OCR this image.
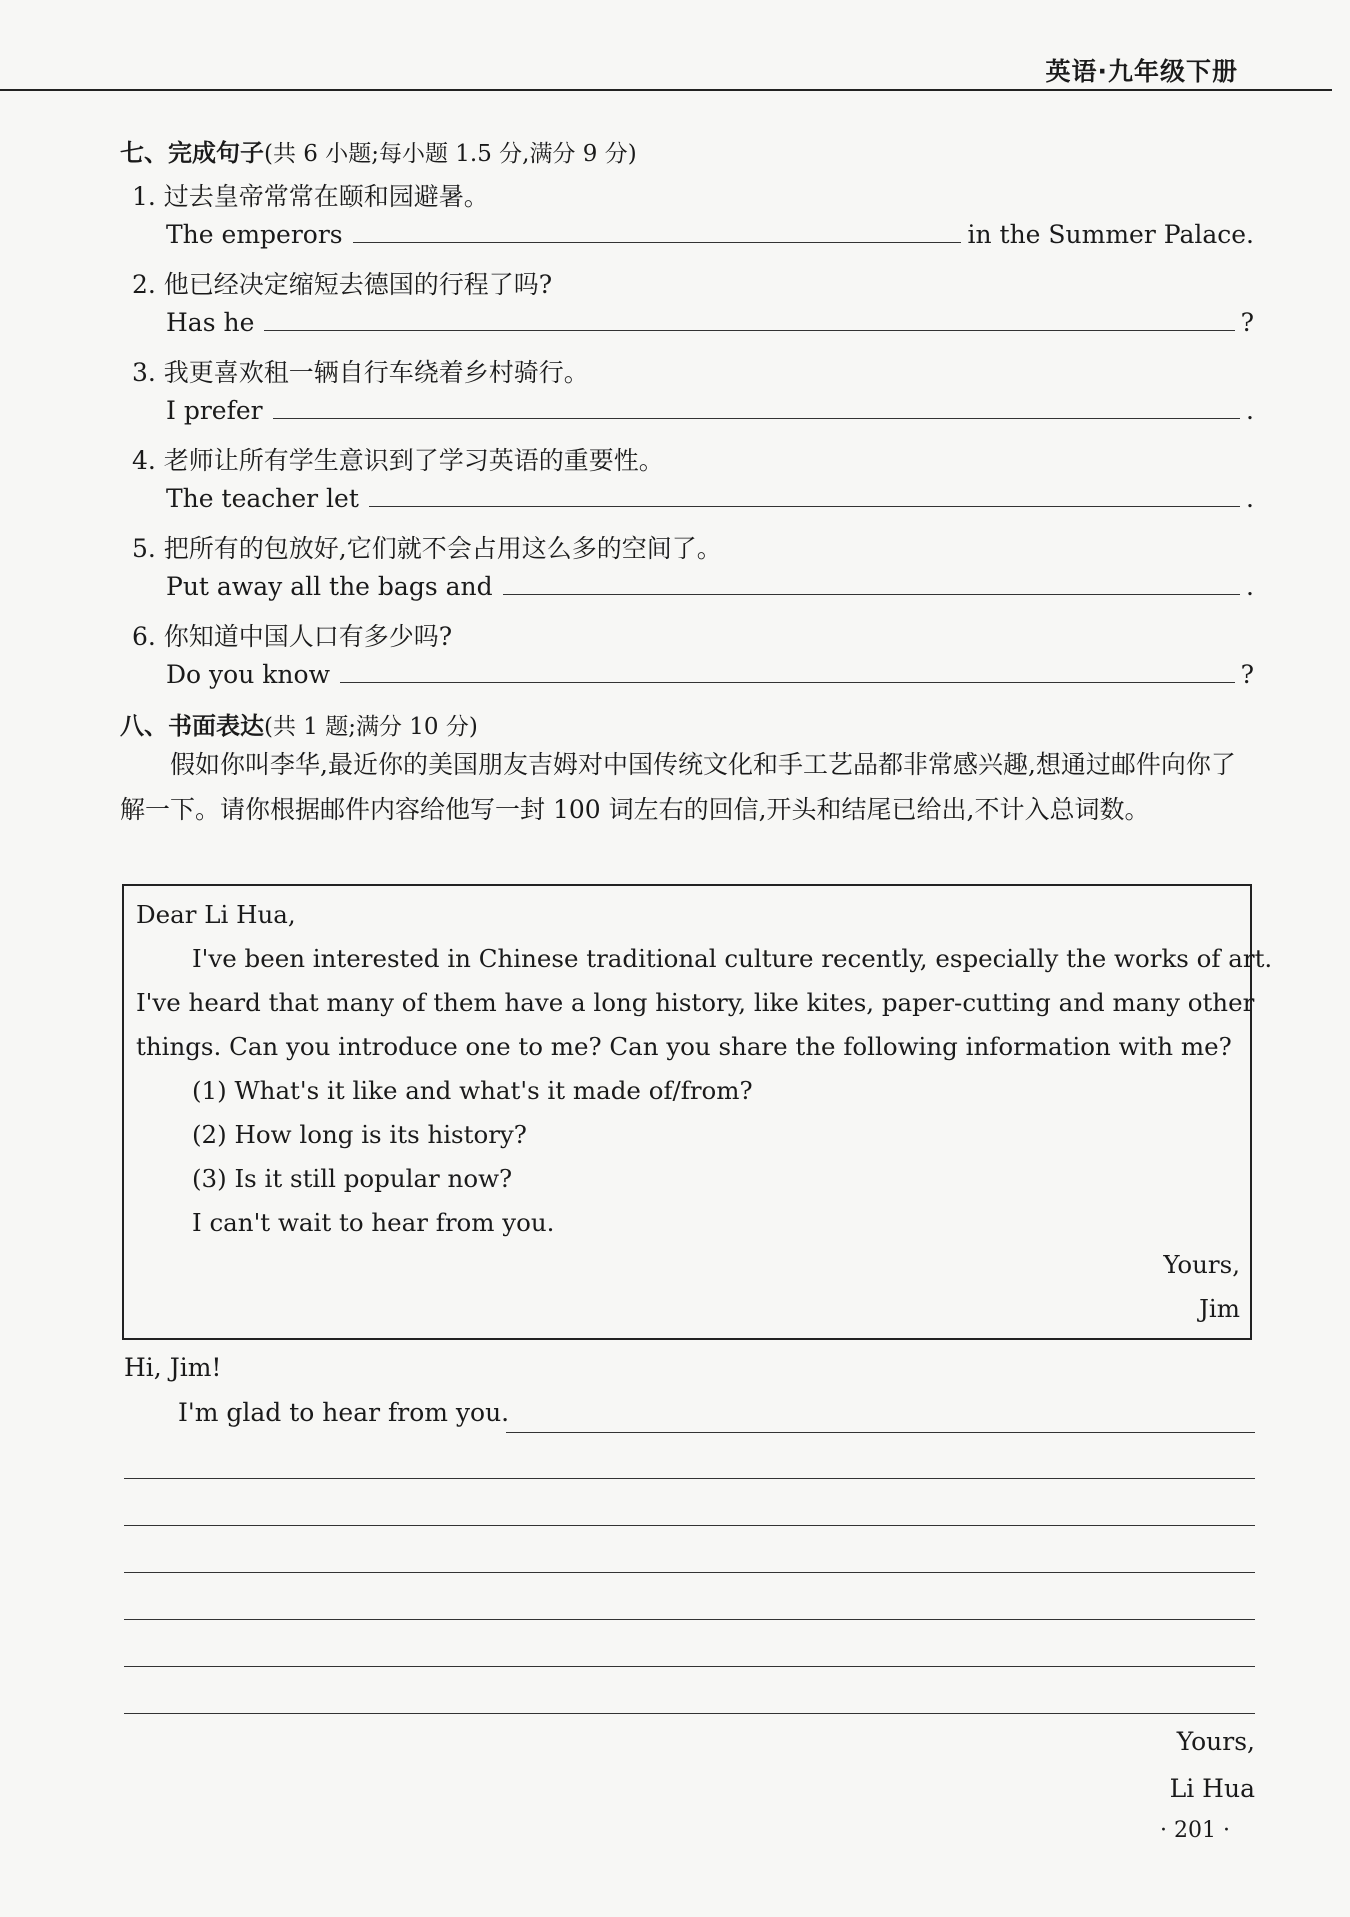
英语·九年级下册
七、完成句子(共 6 小题;每小题 1.5 分,满分 9 分)
1. 过去皇帝常常在颐和园避暑。
The emperors	in the Summer Palace.
2. 他已经决定缩短去德国的行程了吗?
Has he	?
3. 我更喜欢租一辆自行车绕着乡村骑行。
I prefer	.
4. 老师让所有学生意识到了学习英语的重要性。
The teacher let	.
5. 把所有的包放好,它们就不会占用这么多的空间了。
Put away all the bags and	.
6. 你知道中国人口有多少吗?
Do you know	?
八、书面表达(共 1 题;满分 10 分)
假如你叫李华,最近你的美国朋友吉姆对中国传统文化和手工艺品都非常感兴趣,想通过邮件向你了解一下。请你根据邮件内容给他写一封 100 词左右的回信,开头和结尾已给出,不计入总词数。
Dear Li Hua,
I've been interested in Chinese traditional culture recently, especially the works of art.
I've heard that many of them have a long history, like kites, paper-cutting and many other
things. Can you introduce one to me? Can you share the following information with me?
(1) What's it like and what's it made of/from?
(2) How long is its history?
(3) Is it still popular now?
I can't wait to hear from you.
Yours,
Jim
Hi, Jim!
I'm glad to hear from you.
Yours,
Li Hua
· 201 ·
